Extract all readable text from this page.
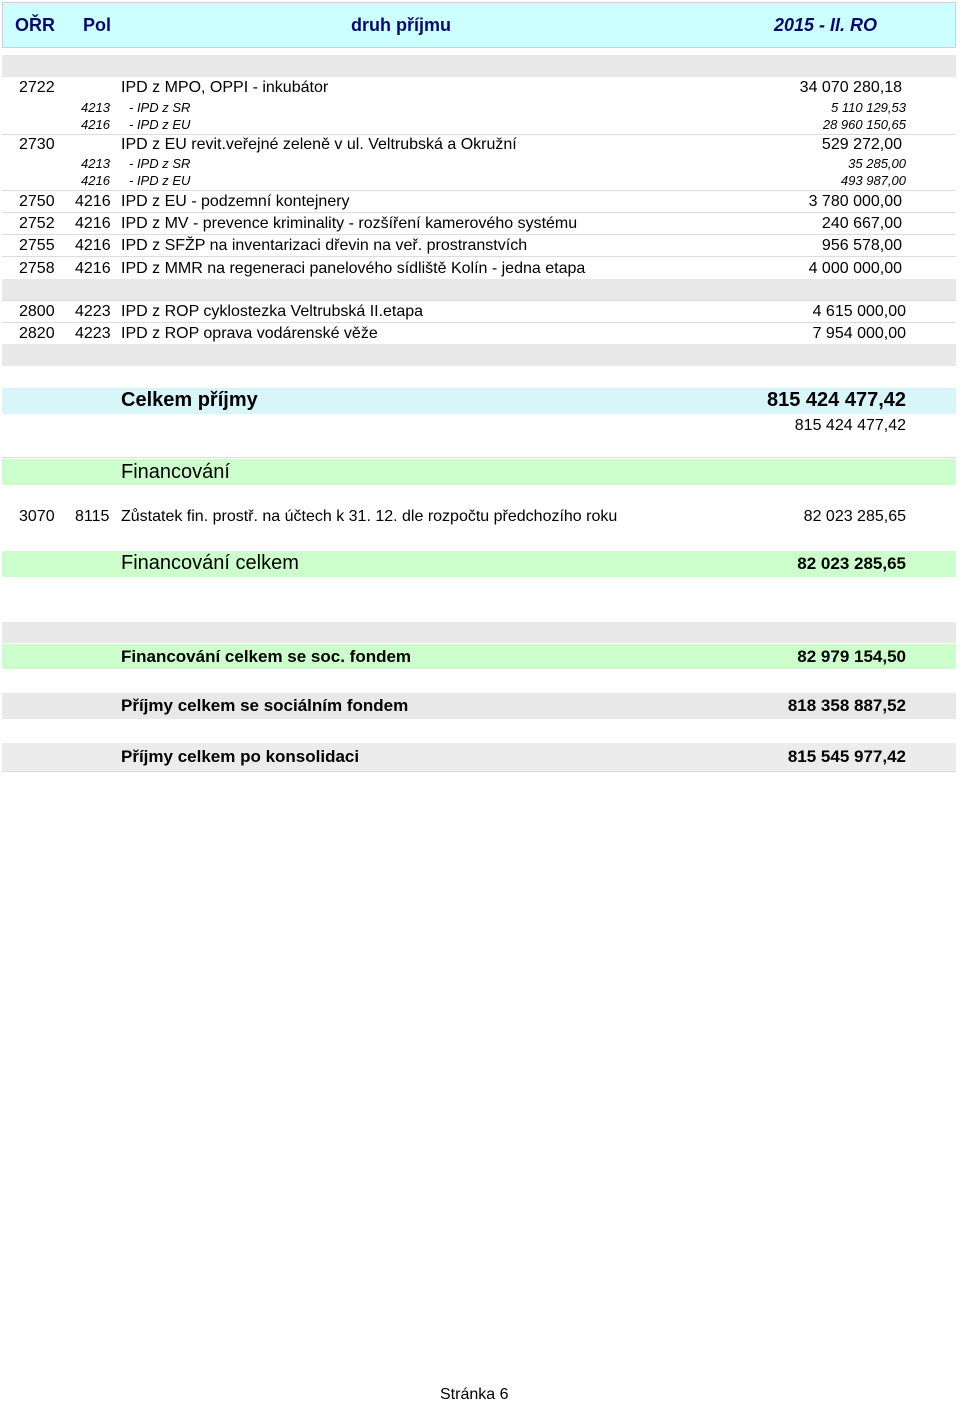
OŘR Pol	druh příjmu	2015 - II. RO
2722	IPD z MPO, OPPI - inkubátor	34 070 280,18
4213 - IPD z SR	5 110 129,53
4216 - IPD z EU	28 960 150,65
2730	IPD z EU revit.veřejné zeleně v ul. Veltrubská a Okružní	529 272,00
4213 - IPD z SR	35 285,00
4216 - IPD z EU	493 987,00
2750 4216 IPD z EU - podzemní kontejnery	3 780 000,00
2752 4216 IPD z MV - prevence kriminality - rozšíření kamerového systému	240 667,00
2755 4216 IPD z SFŽP na inventarizaci dřevin na veř. prostranstvích	956 578,00
2758 4216 IPD z MMR na regeneraci panelového sídliště Kolín - jedna etapa	4 000 000,00
2800 4223 IPD z ROP cyklostezka Veltrubská II.etapa	4 615 000,00
2820 4223 IPD z ROP oprava vodárenské věže	7 954 000,00
Celkem příjmy	815 424 477,42
815 424 477,42
Financování
3070 8115 Zůstatek fin. prostř. na účtech k 31. 12. dle rozpočtu předchozího roku	82 023 285,65
Financování celkem	82 023 285,65
Financování celkem se soc. fondem	82 979 154,50
Příjmy celkem se sociálním fondem	818 358 887,52
Příjmy celkem po konsolidaci	815 545 977,42
Stránka 6
